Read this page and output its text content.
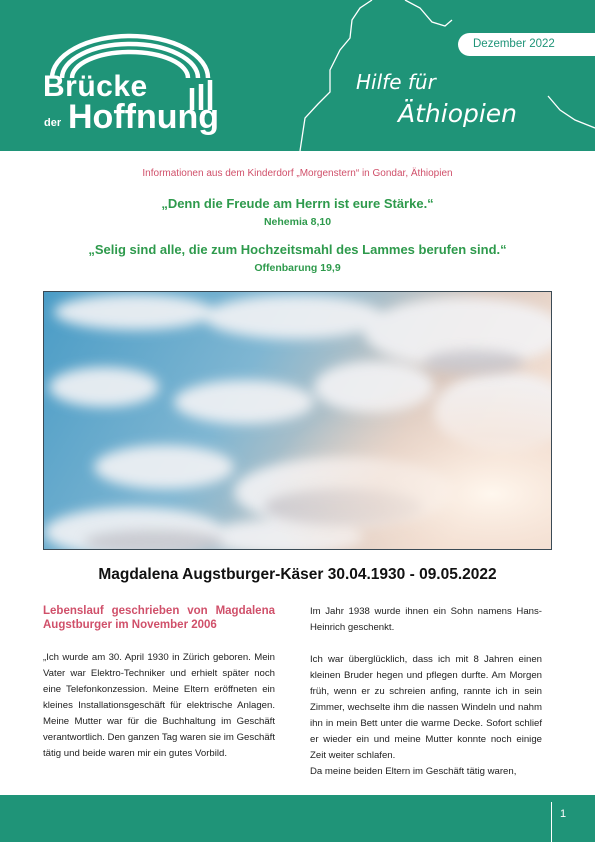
Brücke
der Hoffnung
Dezember 2022
Hilfe für
Äthiopien
Informationen aus dem Kinderdorf „Morgenstern“ in Gondar, Äthiopien
„Denn die Freude am Herrn ist eure Stärke.“
Nehemia 8,10
„Selig sind alle, die zum Hochzeitsmahl des Lammes berufen sind.“
Offenbarung 19,9
Magdalena Augstburger-Käser 30.04.1930 - 09.05.2022

Lebenslauf geschrieben von Magdalena Augstburger im November 2006

„Ich wurde am 30. April 1930 in Zürich geboren. Mein Vater war Elektro-Techniker und erhielt später noch eine Telefonkonzession. Meine Eltern eröffneten ein kleines Installationsgeschäft für elektrische Anlagen. Meine Mutter war für die Buchhaltung im Geschäft verantwortlich. Den ganzen Tag waren sie im Geschäft tätig und beide waren mir ein gutes Vorbild.

Im Jahr 1938 wurde ihnen ein Sohn namens Hans-Heinrich geschenkt.

Ich war überglücklich, dass ich mit 8 Jahren einen kleinen Bruder hegen und pflegen durfte. Am Morgen früh, wenn er zu schreien anfing, rannte ich in sein Zimmer, wechselte ihm die nassen Windeln und nahm ihn in mein Bett unter die warme Decke. Sofort schlief er wieder ein und meine Mutter konnte noch einige Zeit weiter schlafen.

Da meine beiden Eltern im Geschäft tätig waren,

1
